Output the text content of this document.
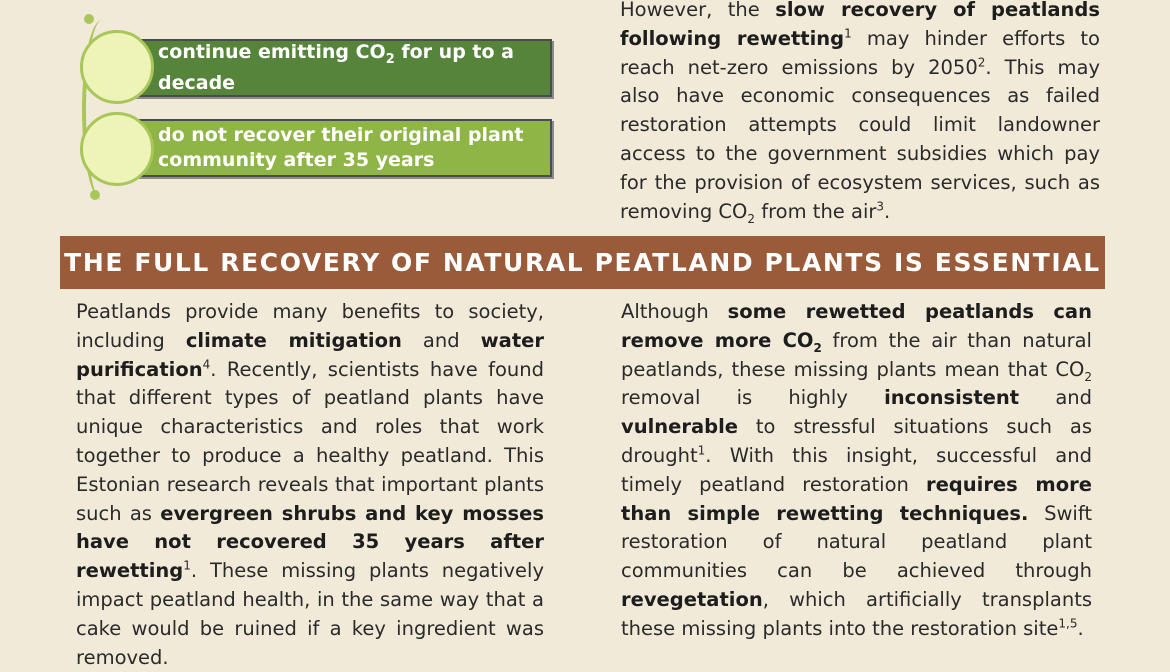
continue emitting $CO_2$ for up to a
decade
do not recover their original plant
community after 35 years

However, the slow recovery of peatlands following rewetting$^1$ may hinder efforts to reach net-zero emissions by 2050$^2$. This may also have economic consequences as failed restoration attempts could limit landowner access to the government subsidies which pay for the provision of ecosystem services, such as removing $CO_2$ from the air$^3$.

THE FULL RECOVERY OF NATURAL PEATLAND PLANTS IS ESSENTIAL

Peatlands provide many benefits to society, including climate mitigation and water purification$^4$. Recently, scientists have found that different types of peatland plants have unique characteristics and roles that work together to produce a healthy peatland. This Estonian research reveals that important plants such as evergreen shrubs and key mosses have not recovered 35 years after rewetting$^1$. These missing plants negatively impact peatland health, in the same way that a cake would be ruined if a key ingredient was removed.

Although some rewetted peatlands can remove more $CO_2$ from the air than natural peatlands, these missing plants mean that $CO_2$ removal is highly inconsistent and vulnerable to stressful situations such as drought$^1$. With this insight, successful and timely peatland restoration requires more than simple rewetting techniques. Swift restoration of natural peatland plant communities can be achieved through revegetation, which artificially transplants these missing plants into the restoration site$^{1,5}$.
